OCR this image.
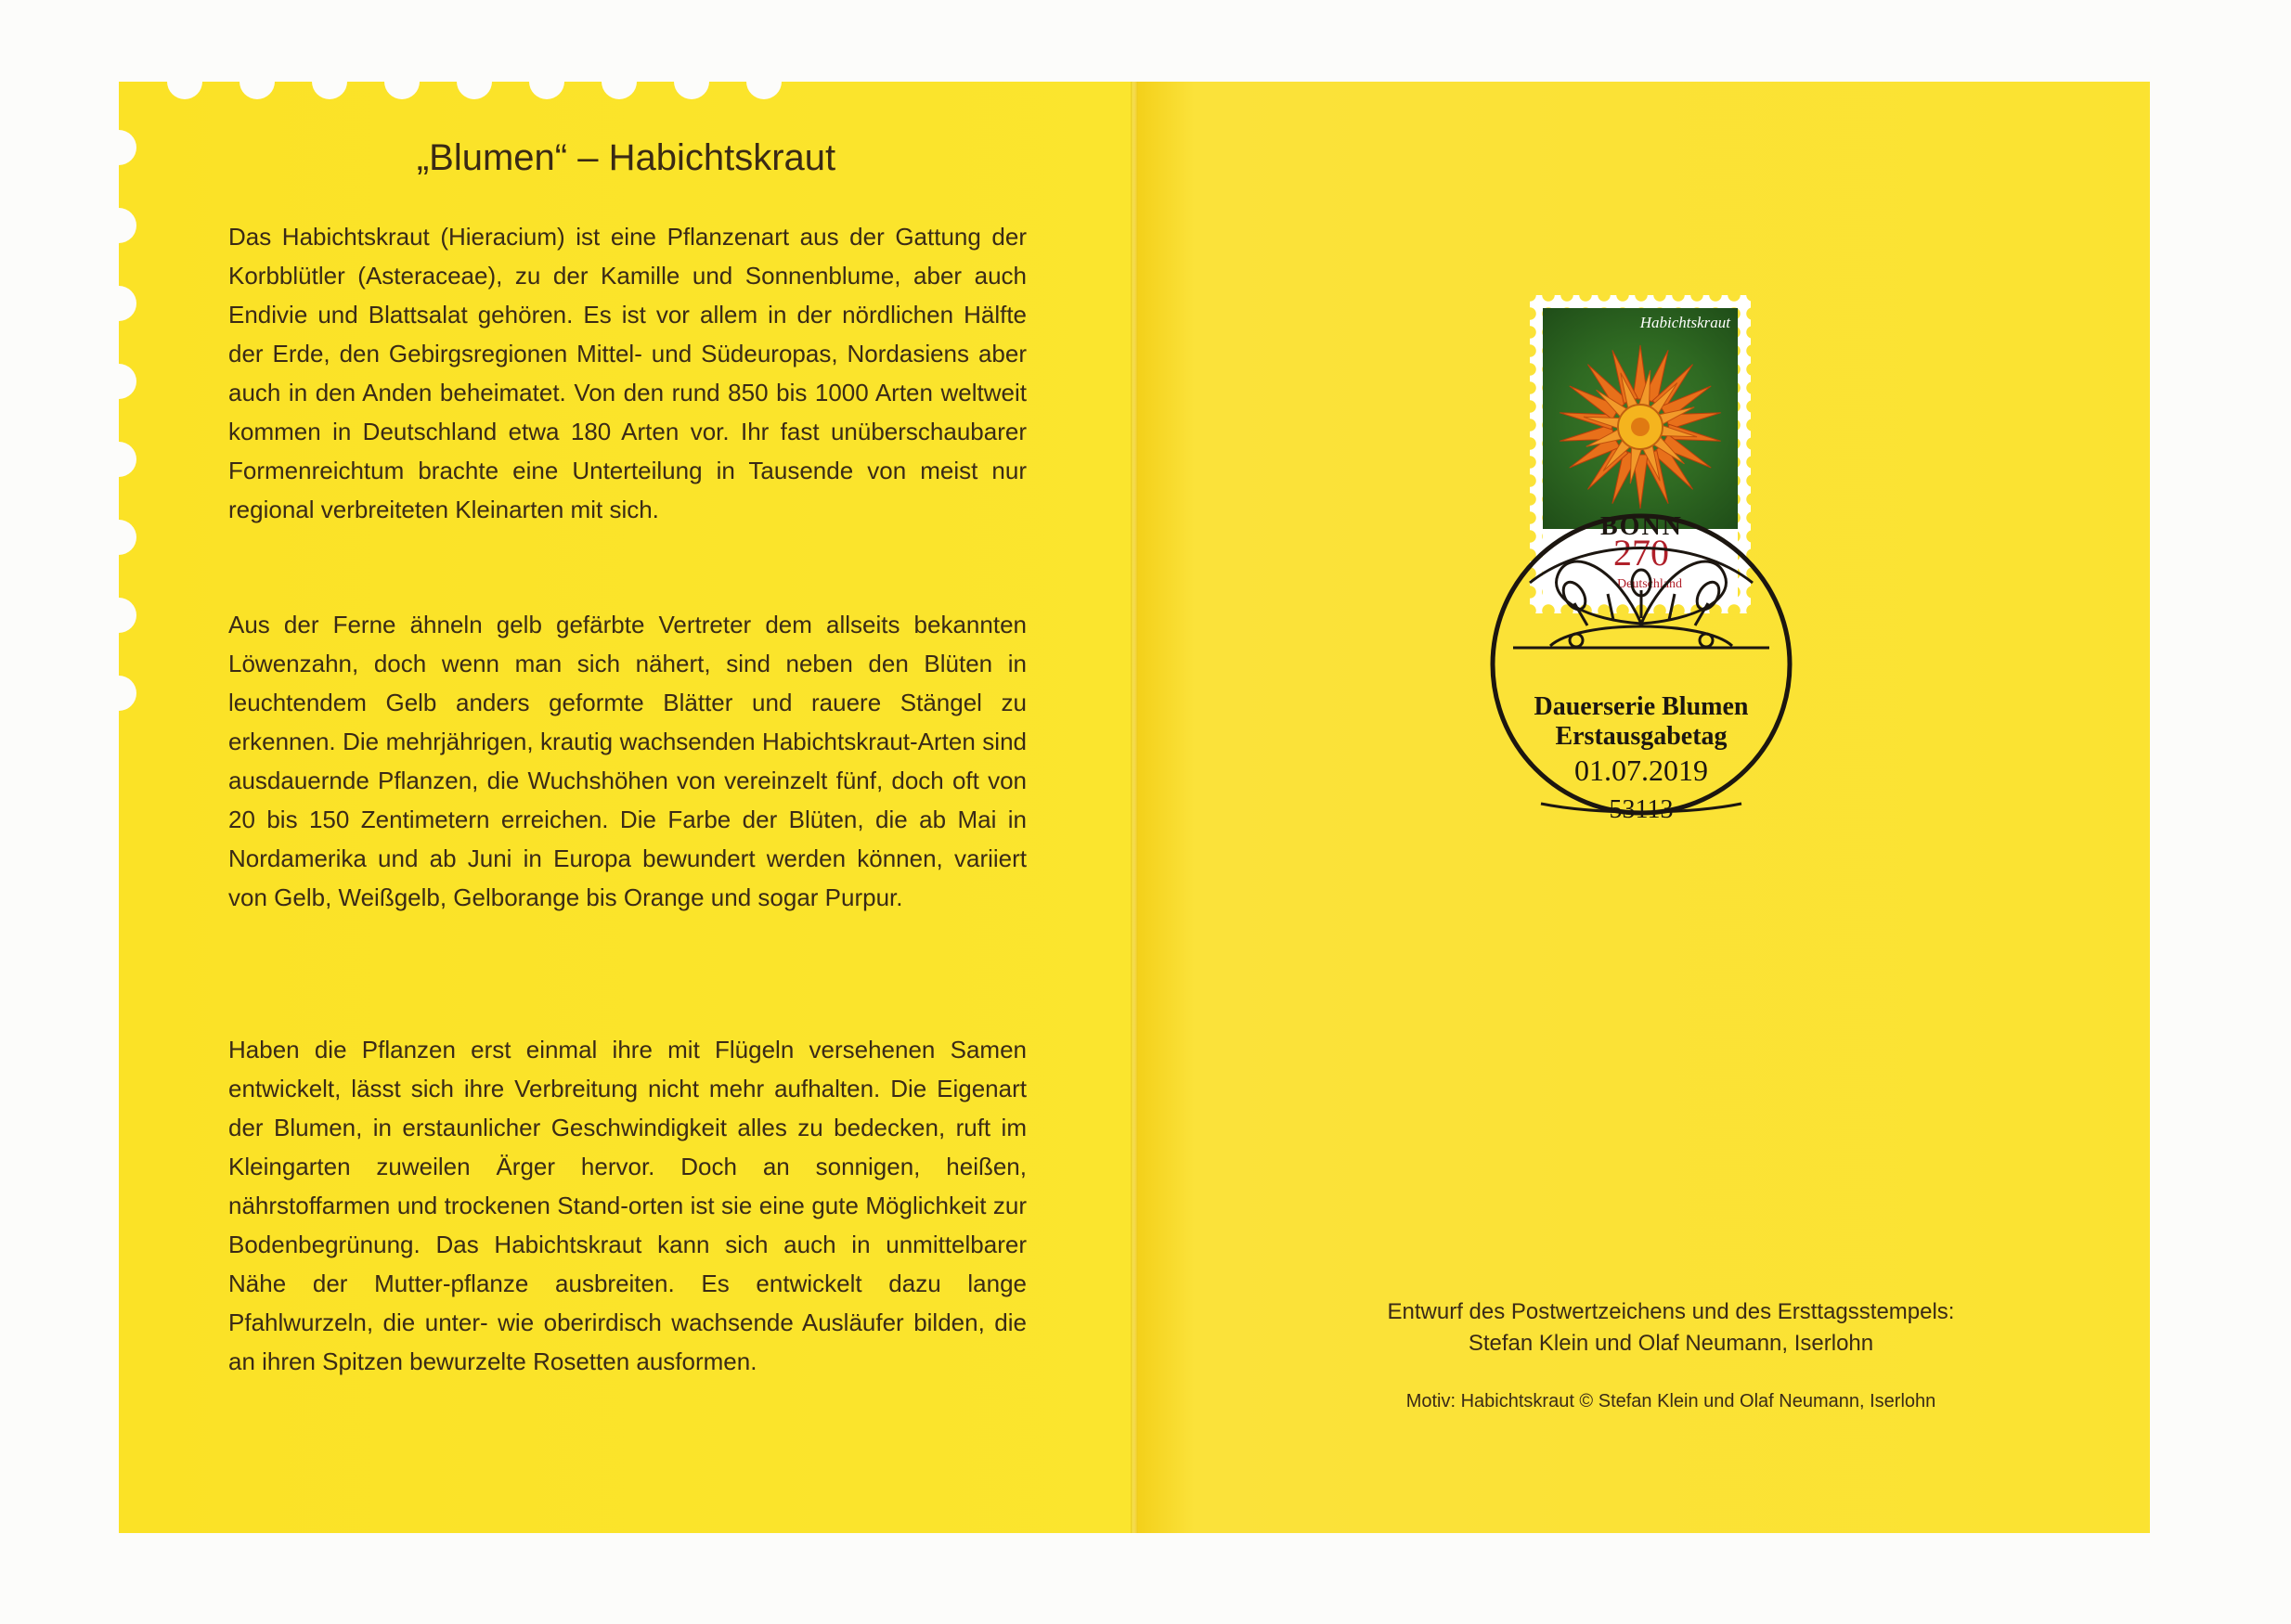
„Blumen“ – Habichtskraut

Das Habichtskraut (Hieracium) ist eine Pflanzenart aus der Gattung der Korbblütler (Asteraceae), zu der Kamille und Sonnenblume, aber auch Endivie und Blattsalat gehören. Es ist vor allem in der nördlichen Hälfte der Erde, den Gebirgsregionen Mittel- und Südeuropas, Nordasiens aber auch in den Anden beheimatet. Von den rund 850 bis 1000 Arten weltweit kommen in Deutschland etwa 180 Arten vor. Ihr fast unüberschaubarer Formenreichtum brachte eine Unterteilung in Tausende von meist nur regional verbreiteten Kleinarten mit sich.

Aus der Ferne ähneln gelb gefärbte Vertreter dem allseits bekannten Löwenzahn, doch wenn man sich nähert, sind neben den Blüten in leuchtendem Gelb anders geformte Blätter und rauere Stängel zu erkennen. Die mehrjährigen, krautig wachsenden Habichtskraut-Arten sind ausdauernde Pflanzen, die Wuchshöhen von vereinzelt fünf, doch oft von 20 bis 150 Zentimetern erreichen. Die Farbe der Blüten, die ab Mai in Nordamerika und ab Juni in Europa bewundert werden können, variiert von Gelb, Weißgelb, Gelborange bis Orange und sogar Purpur.

Haben die Pflanzen erst einmal ihre mit Flügeln versehenen Samen entwickelt, lässt sich ihre Verbreitung nicht mehr aufhalten. Die Eigenart der Blumen, in erstaunlicher Geschwindigkeit alles zu bedecken, ruft im Kleingarten zuweilen Ärger hervor. Doch an sonnigen, heißen, nährstoffarmen und trockenen Stand-orten ist sie eine gute Möglichkeit zur Bodenbegrünung. Das Habichtskraut kann sich auch in unmittelbarer Nähe der Mutter-pflanze ausbreiten. Es entwickelt dazu lange Pfahlwurzeln, die unter- wie oberirdisch wachsende Ausläufer bilden, die an ihren Spitzen bewurzelte Rosetten ausformen.

Habichtskraut
270
Deutschland
BONN

Dauerserie Blumen

Erstausgabetag

01.07.2019

53113

Entwurf des Postwertzeichens und des Ersttagsstempels:

Stefan Klein und Olaf Neumann, Iserlohn

Motiv: Habichtskraut © Stefan Klein und Olaf Neumann, Iserlohn
